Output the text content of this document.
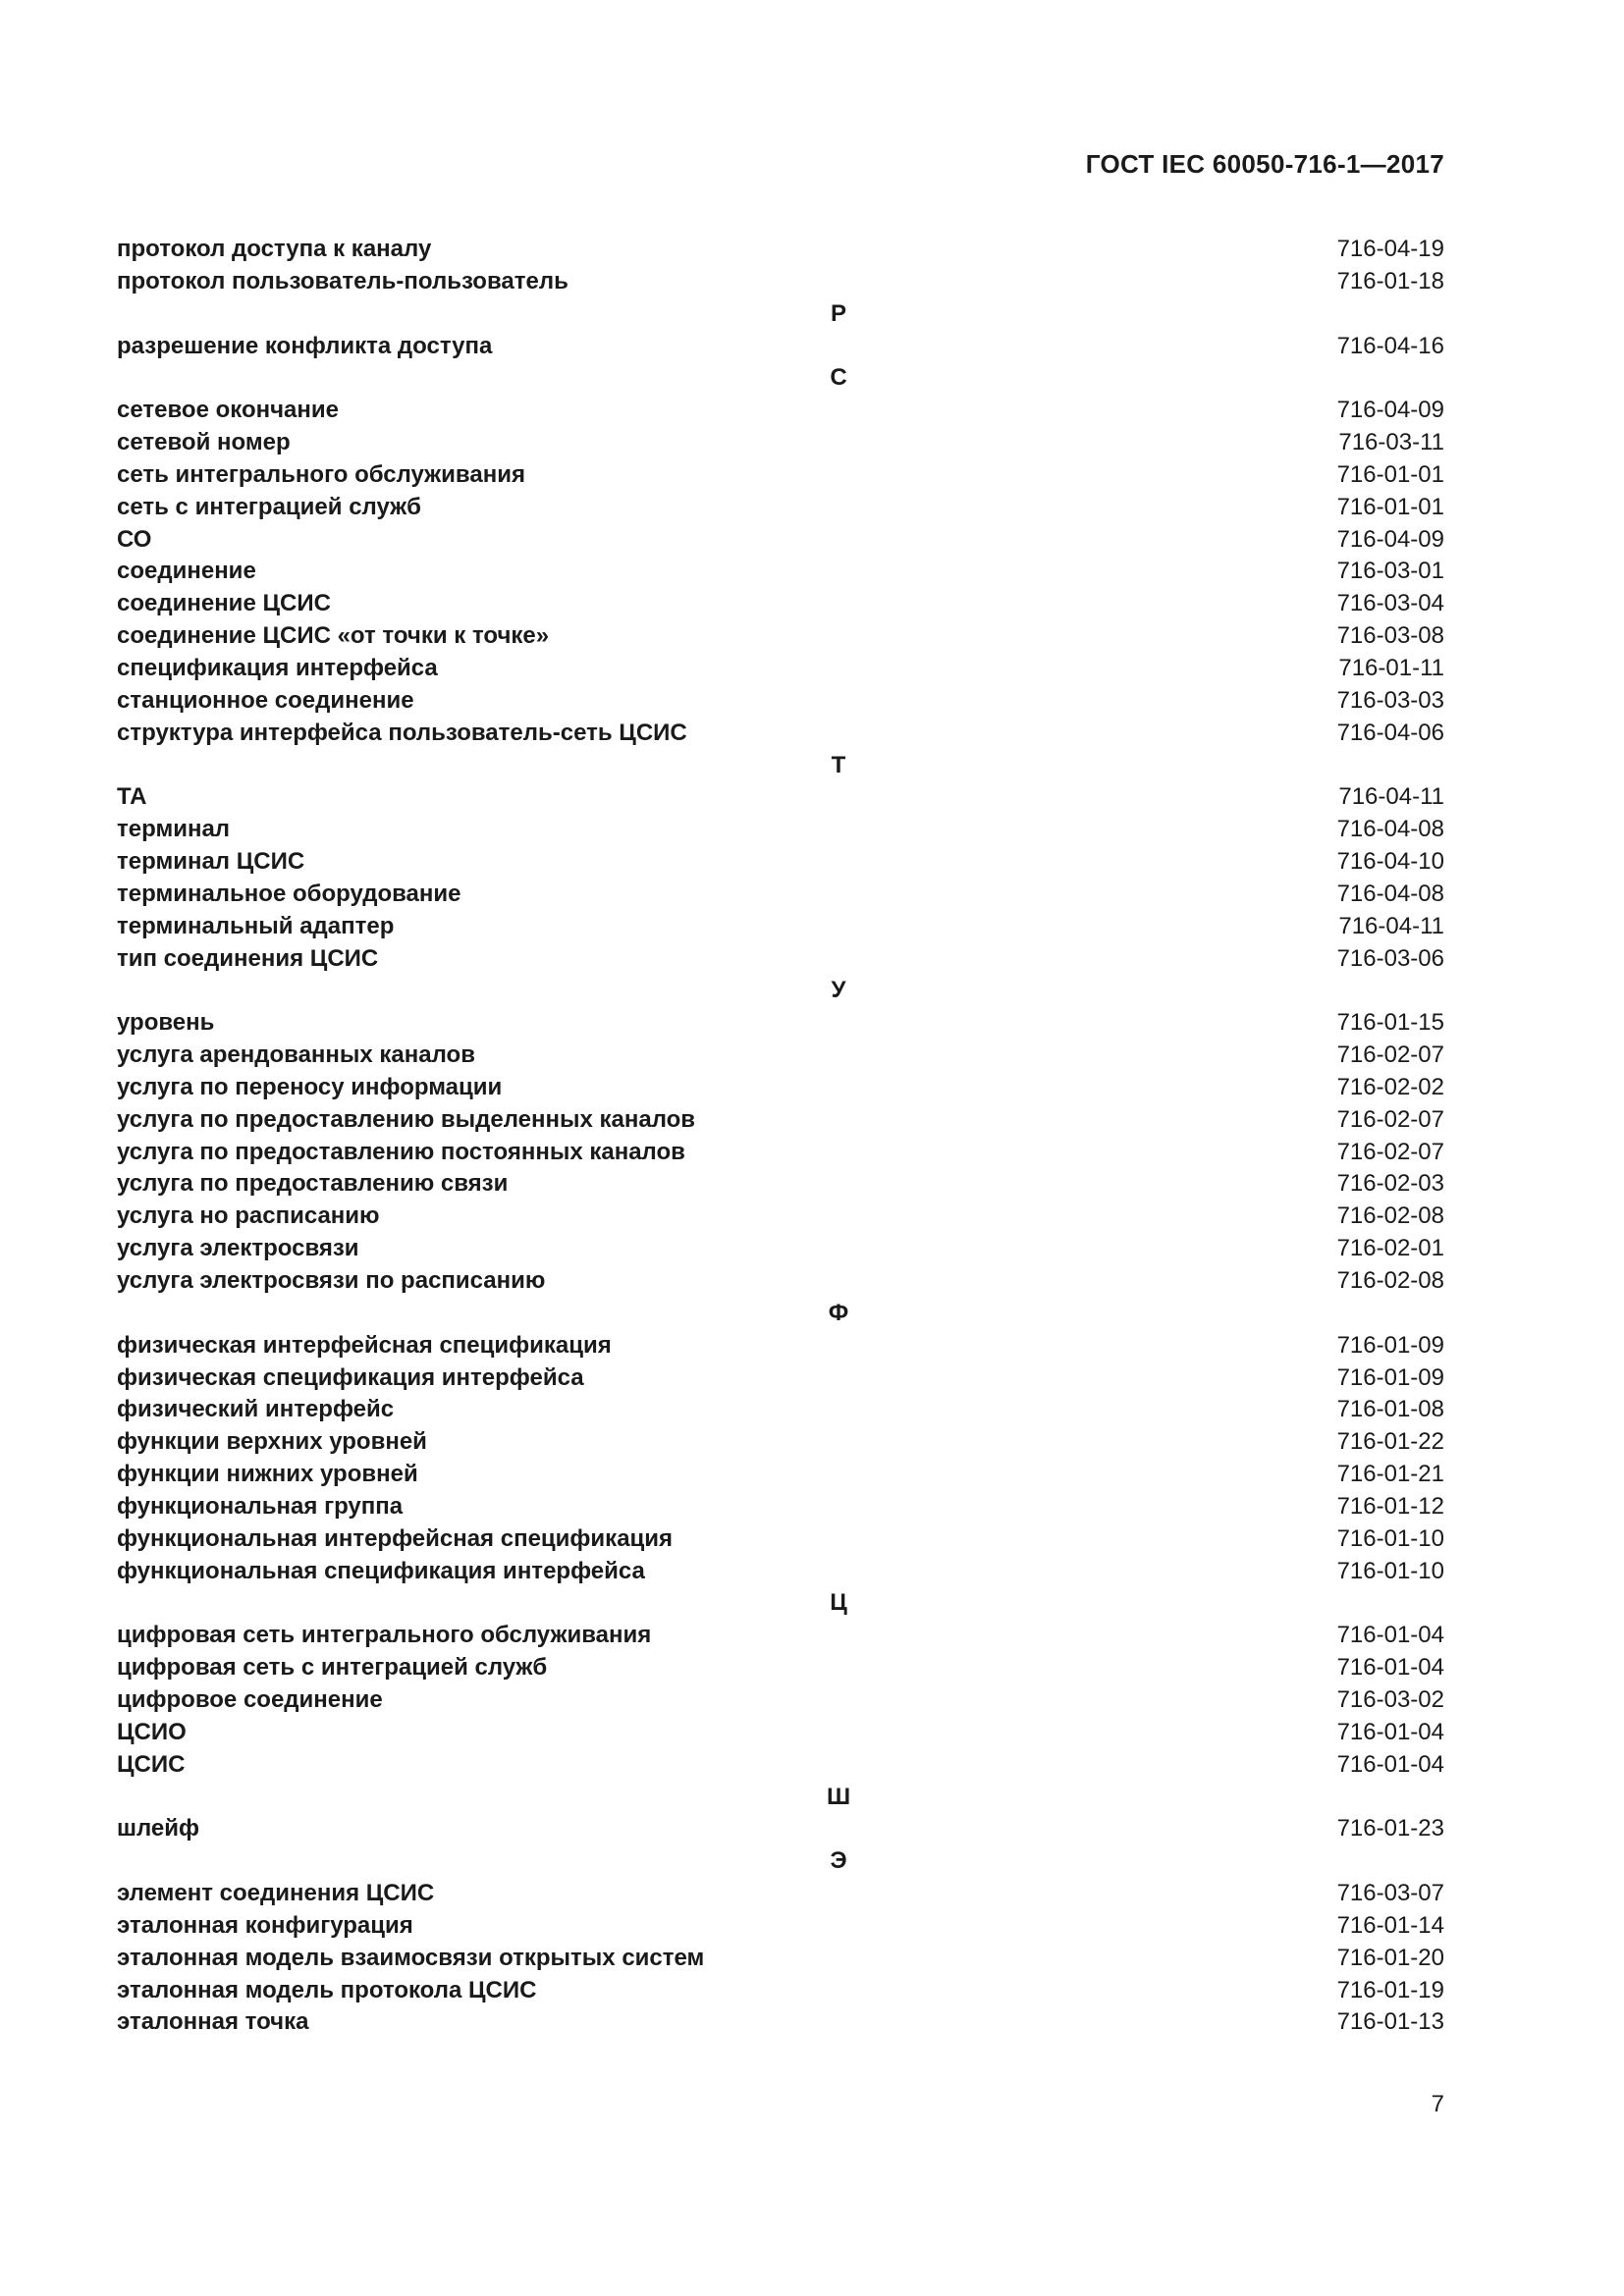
ГОСТ IEC 60050-716-1—2017
протокол доступа к каналу	716-04-19
протокол пользователь-пользователь	716-01-18
Р
разрешение конфликта доступа	716-04-16
С
сетевое окончание	716-04-09
сетевой номер	716-03-11
сеть интегрального обслуживания	716-01-01
сеть с интеграцией служб	716-01-01
СО	716-04-09
соединение	716-03-01
соединение ЦСИС	716-03-04
соединение ЦСИС «от точки к точке»	716-03-08
спецификация интерфейса	716-01-11
станционное соединение	716-03-03
структура интерфейса пользователь-сеть ЦСИС	716-04-06
Т
ТА	716-04-11
терминал	716-04-08
терминал ЦСИС	716-04-10
терминальное оборудование	716-04-08
терминальный адаптер	716-04-11
тип соединения ЦСИС	716-03-06
У
уровень	716-01-15
услуга арендованных каналов	716-02-07
услуга по переносу информации	716-02-02
услуга по предоставлению выделенных каналов	716-02-07
услуга по предоставлению постоянных каналов	716-02-07
услуга по предоставлению связи	716-02-03
услуга но расписанию	716-02-08
услуга электросвязи	716-02-01
услуга электросвязи по расписанию	716-02-08
Ф
физическая интерфейсная спецификация	716-01-09
физическая спецификация интерфейса	716-01-09
физический интерфейс	716-01-08
функции верхних уровней	716-01-22
функции нижних уровней	716-01-21
функциональная группа	716-01-12
функциональная интерфейсная спецификация	716-01-10
функциональная спецификация интерфейса	716-01-10
Ц
цифровая сеть интегрального обслуживания	716-01-04
цифровая сеть с интеграцией служб	716-01-04
цифровое соединение	716-03-02
ЦСИО	716-01-04
ЦСИС	716-01-04
Ш
шлейф	716-01-23
Э
элемент соединения ЦСИС	716-03-07
эталонная конфигурация	716-01-14
эталонная модель взаимосвязи открытых систем	716-01-20
эталонная модель протокола ЦСИС	716-01-19
эталонная точка	716-01-13
7
